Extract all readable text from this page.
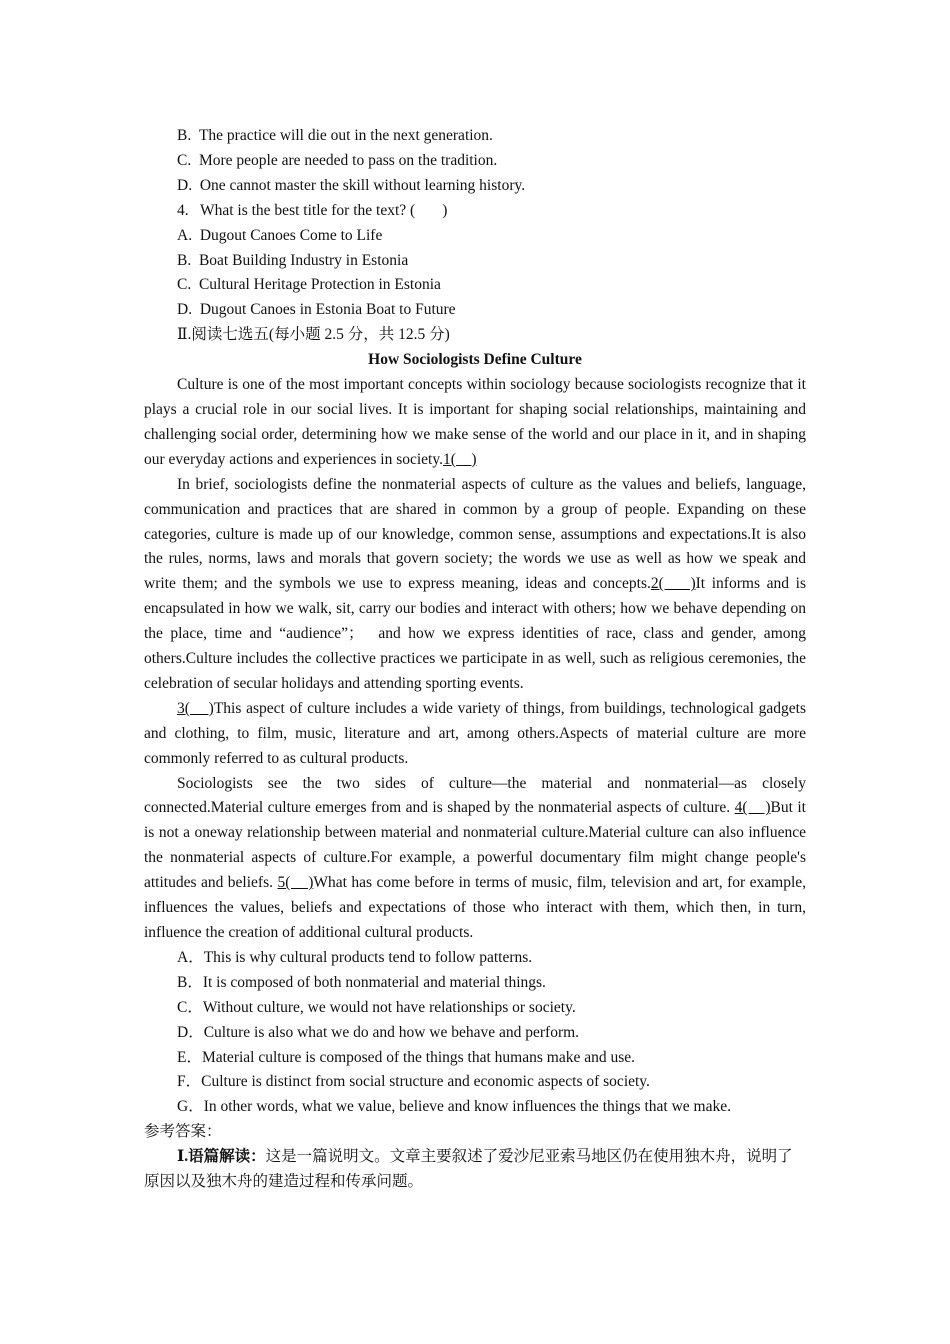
B.  The practice will die out in the next generation.

C.  More people are needed to pass on the tradition.

D.  One cannot master the skill without learning history.

4.   What is the best title for the text? (       )

A.  Dugout Canoes Come to Life

B.  Boat Building Industry in Estonia

C.  Cultural Heritage Protection in Estonia

D.  Dugout Canoes in Estonia Boat to Future

Ⅱ.阅读七选五(每小题 2.5 分，共 12.5 分)

How Sociologists Define Culture

Culture is one of the most important concepts within sociology because sociologists recognize that it plays a crucial role in our social lives. It is important for shaping social relationships, maintaining and challenging social order, determining how we make sense of the world and our place in it, and in shaping our everyday actions and experiences in society.1(    )

In brief, sociologists define the nonmaterial aspects of culture as the values and beliefs, language, communication and practices that are shared in common by a group of people. Expanding on these categories, culture is made up of our knowledge, common sense, assumptions and expectations.It is also the rules, norms, laws and morals that govern society; the words we use as well as how we speak and write them; and the symbols we use to express meaning, ideas and concepts.2(    )It informs and is encapsulated in how we walk, sit, carry our bodies and interact with others; how we behave depending on the place, time and “audience”；  and how we express identities of race, class and gender, among others.Culture includes the collective practices we participate in as well, such as religious ceremonies, the celebration of secular holidays and attending sporting events.

3(    )This aspect of culture includes a wide variety of things, from buildings, technological gadgets and clothing, to film, music, literature and art, among others.Aspects of material culture are more commonly referred to as cultural products.

Sociologists see the two sides of culture—the material and nonmaterial—as closely connected.Material culture emerges from and is shaped by the nonmaterial aspects of culture. 4(    )But it is not a oneway relationship between material and nonmaterial culture.Material culture can also influence the nonmaterial aspects of culture.For example, a powerful documentary film might change people's attitudes and beliefs. 5(    )What has come before in terms of music, film, television and art, for example, influences the values, beliefs and expectations of those who interact with them, which then, in turn, influence the creation of additional cultural products.

A．This is why cultural products tend to follow patterns.

B．It is composed of both nonmaterial and material things.

C．Without culture, we would not have relationships or society.

D．Culture is also what we do and how we behave and perform.

E．Material culture is composed of the things that humans make and use.

F．Culture is distinct from social structure and economic aspects of society.

G．In other words, what we value, believe and know influences the things that we make.

参考答案：

Ⅰ.语篇解读：这是一篇说明文。文章主要叙述了爱沙尼亚索马地区仍在使用独木舟，说明了原因以及独木舟的建造过程和传承问题。
